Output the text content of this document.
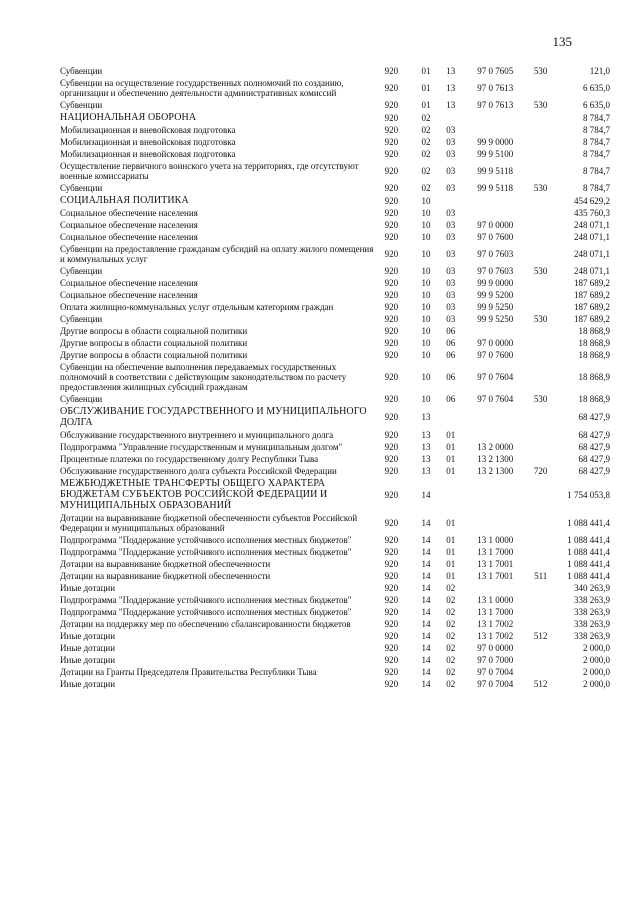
135
Субвенции	920	01	13	97 0 7605	530	121,0
Субвенции на осуществление государственных полномочий по созданию, организации и обеспечению деятельности административных комиссий	920	01	13	97 0 7613		6 635,0
Субвенции	920	01	13	97 0 7613	530	6 635,0
НАЦИОНАЛЬНАЯ ОБОРОНА	920	02				8 784,7
Мобилизационная и вневойсковая подготовка	920	02	03			8 784,7
Мобилизационная и вневойсковая подготовка	920	02	03	99 9 0000		8 784,7
Мобилизационная и вневойсковая подготовка	920	02	03	99 9 5100		8 784,7
Осуществление первичного воинского учета на территориях, где отсутствуют военные комиссариаты	920	02	03	99 9 5118		8 784,7
Субвенции	920	02	03	99 9 5118	530	8 784,7
СОЦИАЛЬНАЯ ПОЛИТИКА	920	10				454 629,2
Социальное обеспечение населения	920	10	03			435 760,3
Социальное обеспечение населения	920	10	03	97 0 0000		248 071,1
Социальное обеспечение населения	920	10	03	97 0 7600		248 071,1
Субвенции на предоставление гражданам субсидий на оплату жилого помещения и коммунальных услуг	920	10	03	97 0 7603		248 071,1
Субвенции	920	10	03	97 0 7603	530	248 071,1
Социальное обеспечение населения	920	10	03	99 9 0000		187 689,2
Социальное обеспечение населения	920	10	03	99 9 5200		187 689,2
Оплата жилищно-коммунальных услуг отдельным категориям граждан	920	10	03	99 9 5250		187 689,2
Субвенции	920	10	03	99 9 5250	530	187 689,2
Другие вопросы в области социальной политики	920	10	06			18 868,9
Другие вопросы в области социальной политики	920	10	06	97 0 0000		18 868,9
Другие вопросы в области социальной политики	920	10	06	97 0 7600		18 868,9
Субвенции на обеспечение выполнения передаваемых государственных полномочий в соответствии с действующим законодательством по расчету предоставления жилищных субсидий гражданам	920	10	06	97 0 7604		18 868,9
Субвенции	920	10	06	97 0 7604	530	18 868,9
ОБСЛУЖИВАНИЕ ГОСУДАРСТВЕННОГО И МУНИЦИПАЛЬНОГО ДОЛГА	920	13				68 427,9
Обслуживание государственного внутреннего и муниципального долга	920	13	01			68 427,9
Подпрограмма "Управление государственным и муниципальным долгом"	920	13	01	13 2 0000		68 427,9
Процентные платежи по государственному долгу Республики Тыва	920	13	01	13 2 1300		68 427,9
Обслуживание государственного долга субъекта Российской Федерации	920	13	01	13 2 1300	720	68 427,9
МЕЖБЮДЖЕТНЫЕ ТРАНСФЕРТЫ ОБЩЕГО ХАРАКТЕРА БЮДЖЕТАМ СУБЪЕКТОВ РОССИЙСКОЙ ФЕДЕРАЦИИ И МУНИЦИПАЛЬНЫХ ОБРАЗОВАНИЙ	920	14				1 754 053,8
Дотации на выравнивание бюджетной обеспеченности субъектов Российской Федерации и муниципальных образований	920	14	01			1 088 441,4
Подпрограмма "Поддержание устойчивого исполнения местных бюджетов"	920	14	01	13 1 0000		1 088 441,4
Подпрограмма "Поддержание устойчивого исполнения местных бюджетов"	920	14	01	13 1 7000		1 088 441,4
Дотации на выравнивание бюджетной обеспеченности	920	14	01	13 1 7001		1 088 441,4
Дотации на выравнивание бюджетной обеспеченности	920	14	01	13 1 7001	511	1 088 441,4
Иные дотации	920	14	02			340 263,9
Подпрограмма "Поддержание устойчивого исполнения местных бюджетов"	920	14	02	13 1 0000		338 263,9
Подпрограмма "Поддержание устойчивого исполнения местных бюджетов"	920	14	02	13 1 7000		338 263,9
Дотации на поддержку мер по обеспечению сбалансированности бюджетов	920	14	02	13 1 7002		338 263,9
Иные дотации	920	14	02	13 1 7002	512	338 263,9
Иные дотации	920	14	02	97 0 0000		2 000,0
Иные дотации	920	14	02	97 0 7000		2 000,0
Дотации на Гранты Председателя Правительства Республики Тыва	920	14	02	97 0 7004		2 000,0
Иные дотации	920	14	02	97 0 7004	512	2 000,0
